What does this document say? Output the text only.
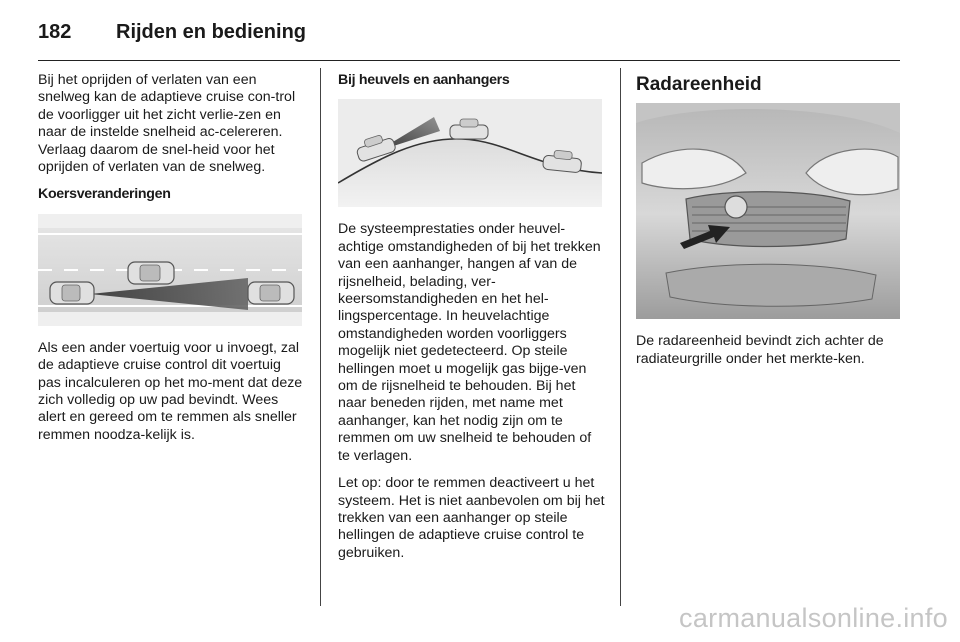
182	Rijden en bediening

Bij het oprijden of verlaten van een snelweg kan de adaptieve cruise con-trol de voorligger uit het zicht verlie-zen en naar de instelde snelheid ac-celereren. Verlaag daarom de snel-heid voor het oprijden of verlaten van de snelweg.

Koersveranderingen

Als een ander voertuig voor u invoegt, zal de adaptieve cruise control dit voertuig pas incalculeren op het mo-ment dat deze zich volledig op uw pad bevindt. Wees alert en gereed om te remmen als sneller remmen noodza-kelijk is.

Bij heuvels en aanhangers

De systeemprestaties onder heuvel-achtige omstandigheden of bij het trekken van een aanhanger, hangen af van de rijsnelheid, belading, ver-keersomstandigheden en het hel-lingspercentage. In heuvelachtige omstandigheden worden voorliggers mogelijk niet gedetecteerd. Op steile hellingen moet u mogelijk gas bijge-ven om de rijsnelheid te behouden. Bij het naar beneden rijden, met name met aanhanger, kan het nodig zijn om te remmen om uw snelheid te behouden of te verlagen.

Let op: door te remmen deactiveert u het systeem. Het is niet aanbevolen om bij het trekken van een aanhanger op steile hellingen de adaptieve cruise control te gebruiken.

Radareenheid

De radareenheid bevindt zich achter de radiateurgrille onder het merkte-ken.

carmanualsonline.info
